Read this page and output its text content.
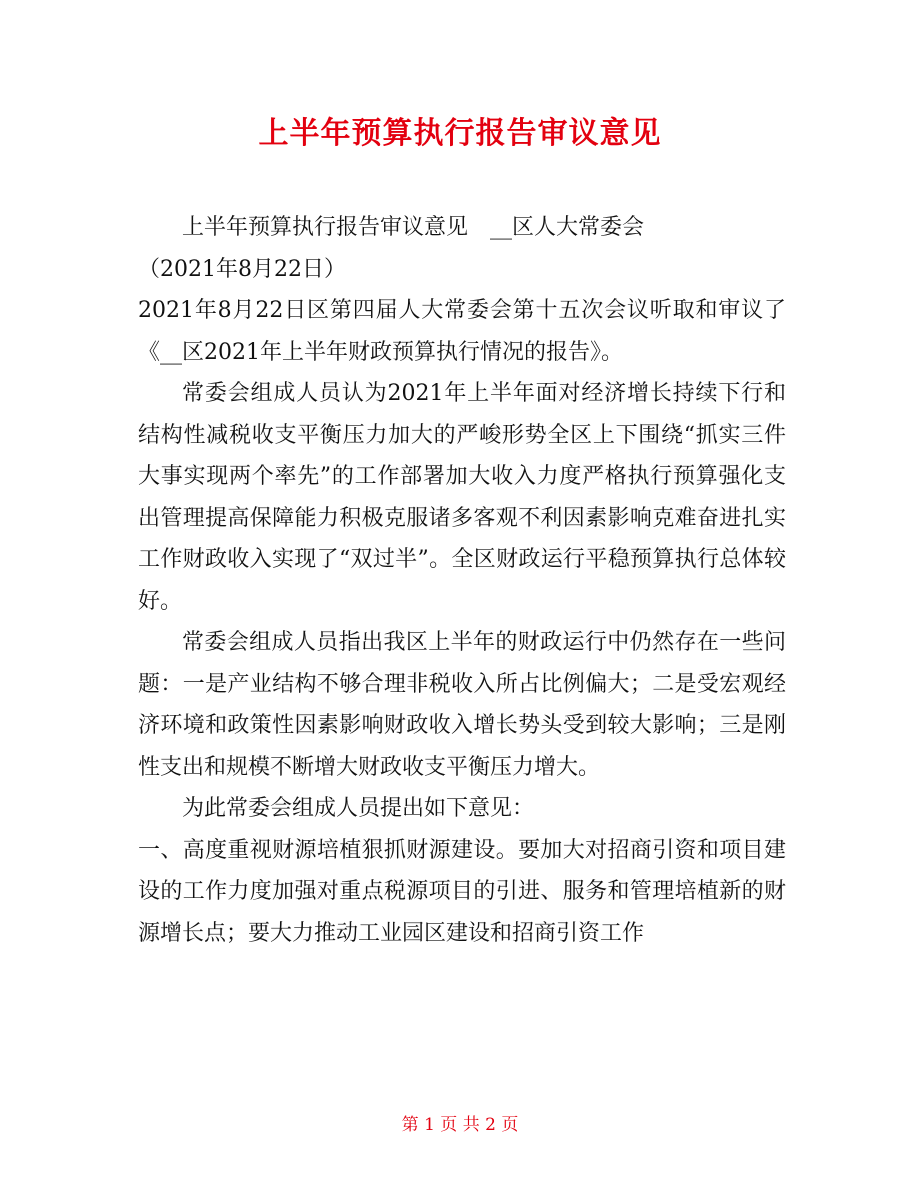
上半年预算执行报告审议意见

上半年预算执行报告审议意见　__区人大常委会

（2021年8月22日）

2021年8月22日区第四届人大常委会第十五次会议听取和审议了《__区2021年上半年财政预算执行情况的报告》。

常委会组成人员认为2021年上半年面对经济增长持续下行和结构性减税收支平衡压力加大的严峻形势全区上下围绕“抓实三件大事实现两个率先”的工作部署加大收入力度严格执行预算强化支出管理提高保障能力积极克服诸多客观不利因素影响克难奋进扎实工作财政收入实现了“双过半”。全区财政运行平稳预算执行总体较好。

常委会组成人员指出我区上半年的财政运行中仍然存在一些问题：一是产业结构不够合理非税收入所占比例偏大；二是受宏观经济环境和政策性因素影响财政收入增长势头受到较大影响；三是刚性支出和规模不断增大财政收支平衡压力增大。

为此常委会组成人员提出如下意见：

一、高度重视财源培植狠抓财源建设。要加大对招商引资和项目建设的工作力度加强对重点税源项目的引进、服务和管理培植新的财源增长点；要大力推动工业园区建设和招商引资工作

第 1 页 共 2 页
